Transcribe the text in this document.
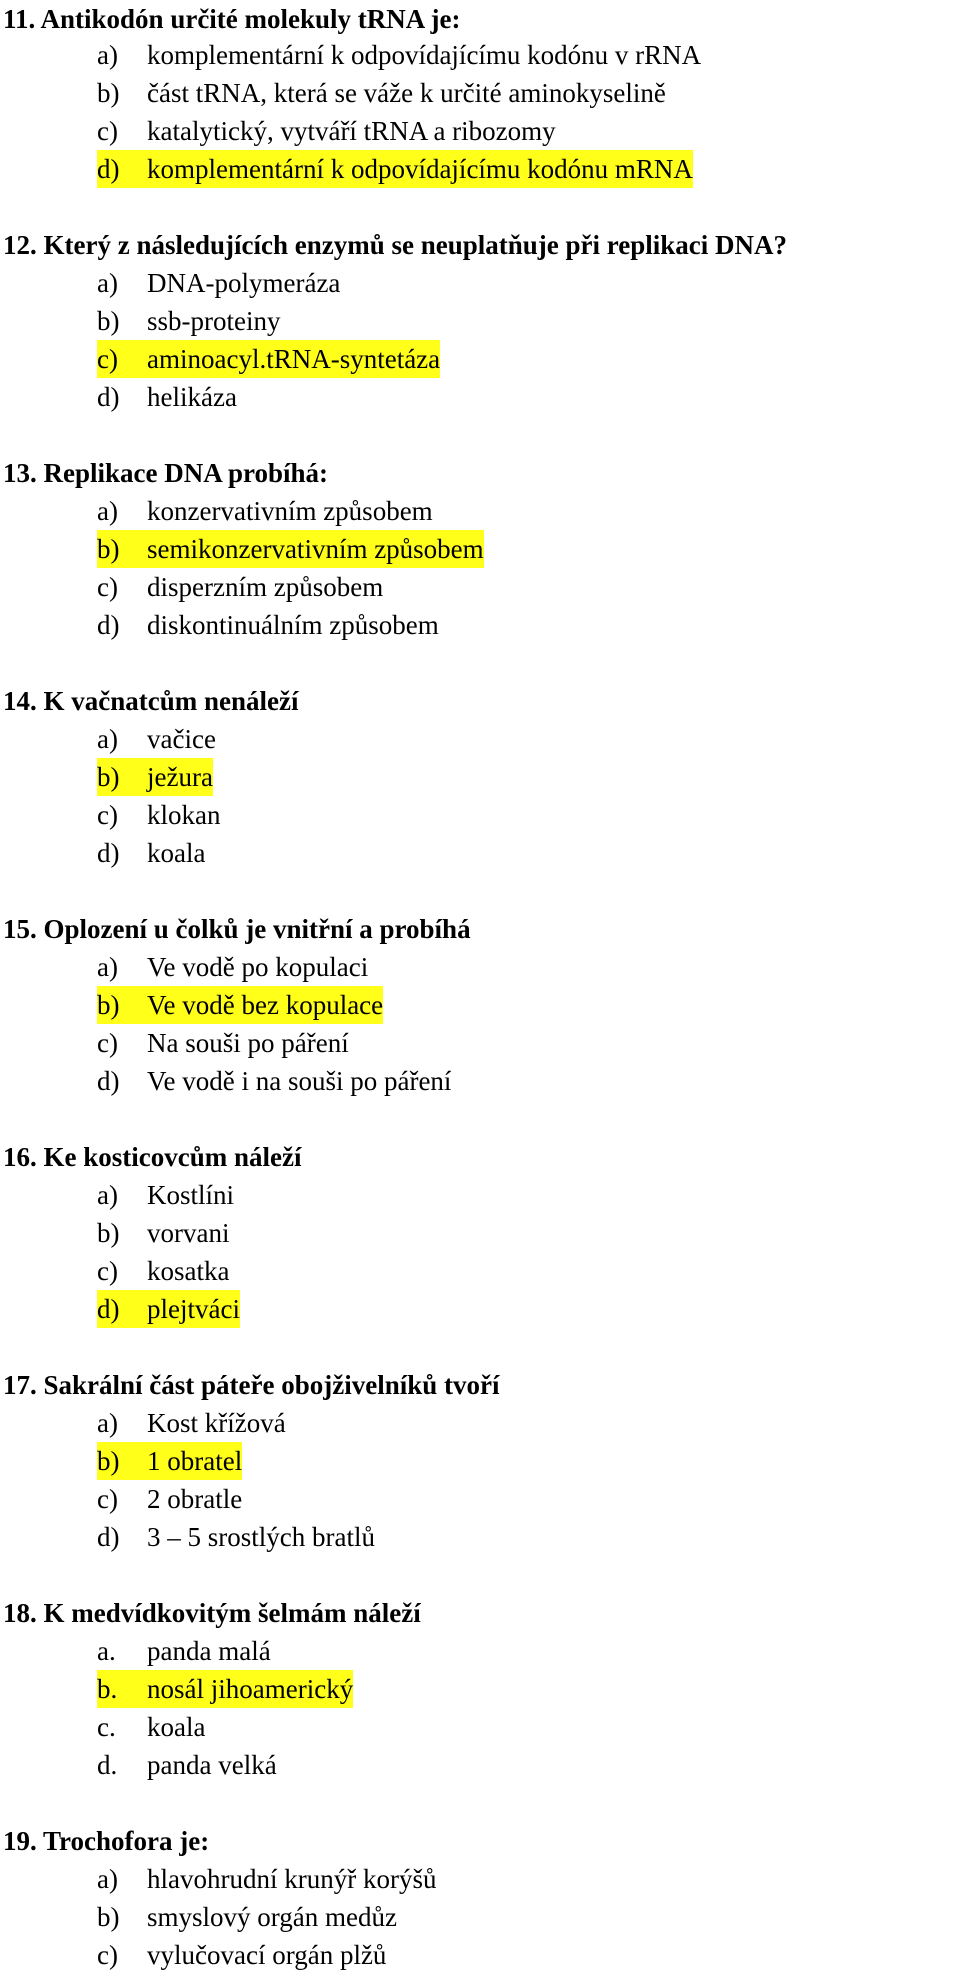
11. Antikodón určité molekuly tRNA je:
a) komplementární k odpovídajícímu kodónu v rRNA
b) část tRNA, která se váže k určité aminokyselině
c) katalytický, vytváří tRNA a ribozomy
d) komplementární k odpovídajícímu kodónu mRNA
12. Který z následujících enzymů se neuplatňuje při replikaci DNA?
a) DNA-polymeráza
b) ssb-proteiny
c) aminoacyl.tRNA-syntetáza
d) helikáza
13. Replikace DNA probíhá:
a) konzervativním způsobem
b) semikonzervativním způsobem
c) disperzním způsobem
d) diskontinuálním způsobem
14. K vačnatcům nenáleží
a) vačice
b) ježura
c) klokan
d) koala
15. Oplození u čolků je vnitřní a probíhá
a) Ve vodě po kopulaci
b) Ve vodě bez kopulace
c) Na souši po páření
d) Ve vodě i na souši po páření
16. Ke kosticovcům náleží
a) Kostlíni
b) vorvani
c) kosatka
d) plejtváci
17. Sakrální část páteře obojživelníků tvoří
a) Kost křížová
b) 1 obratel
c) 2 obratle
d) 3 – 5 srostlých bratlů
18. K medvídkovitým šelmám náleží
a. panda malá
b. nosál jihoamerický
c. koala
d. panda velká
19. Trochofora je:
a) hlavohrudní krunýř korýšů
b) smyslový orgán medůz
c) vylučovací orgán plžů
